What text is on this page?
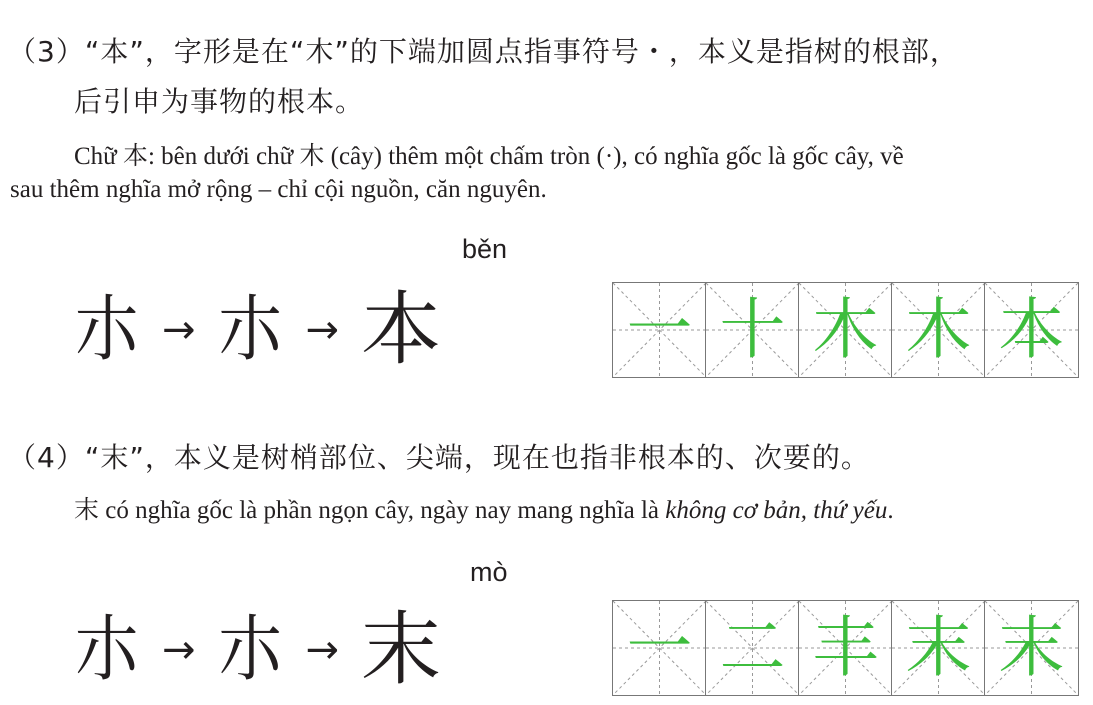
（3）“本”，字形是在“木”的下端加圆点指事符号・，本义是指树的根部，
后引申为事物的根本。
Chữ 本: bên dưới chữ 木 (cây) thêm một chấm tròn (·), có nghĩa gốc là gốc cây, về
sau thêm nghĩa mở rộng – chỉ cội nguồn, căn nguyên.
běn
朩 → 朩 → 本	一 十 木 木 本
（4）“末”，本义是树梢部位、尖端，现在也指非根本的、次要的。
末 có nghĩa gốc là phần ngọn cây, ngày nay mang nghĩa là không cơ bản, thứ yếu.
mò
朩 → 朩 → 末	一 二 丰 末 末
